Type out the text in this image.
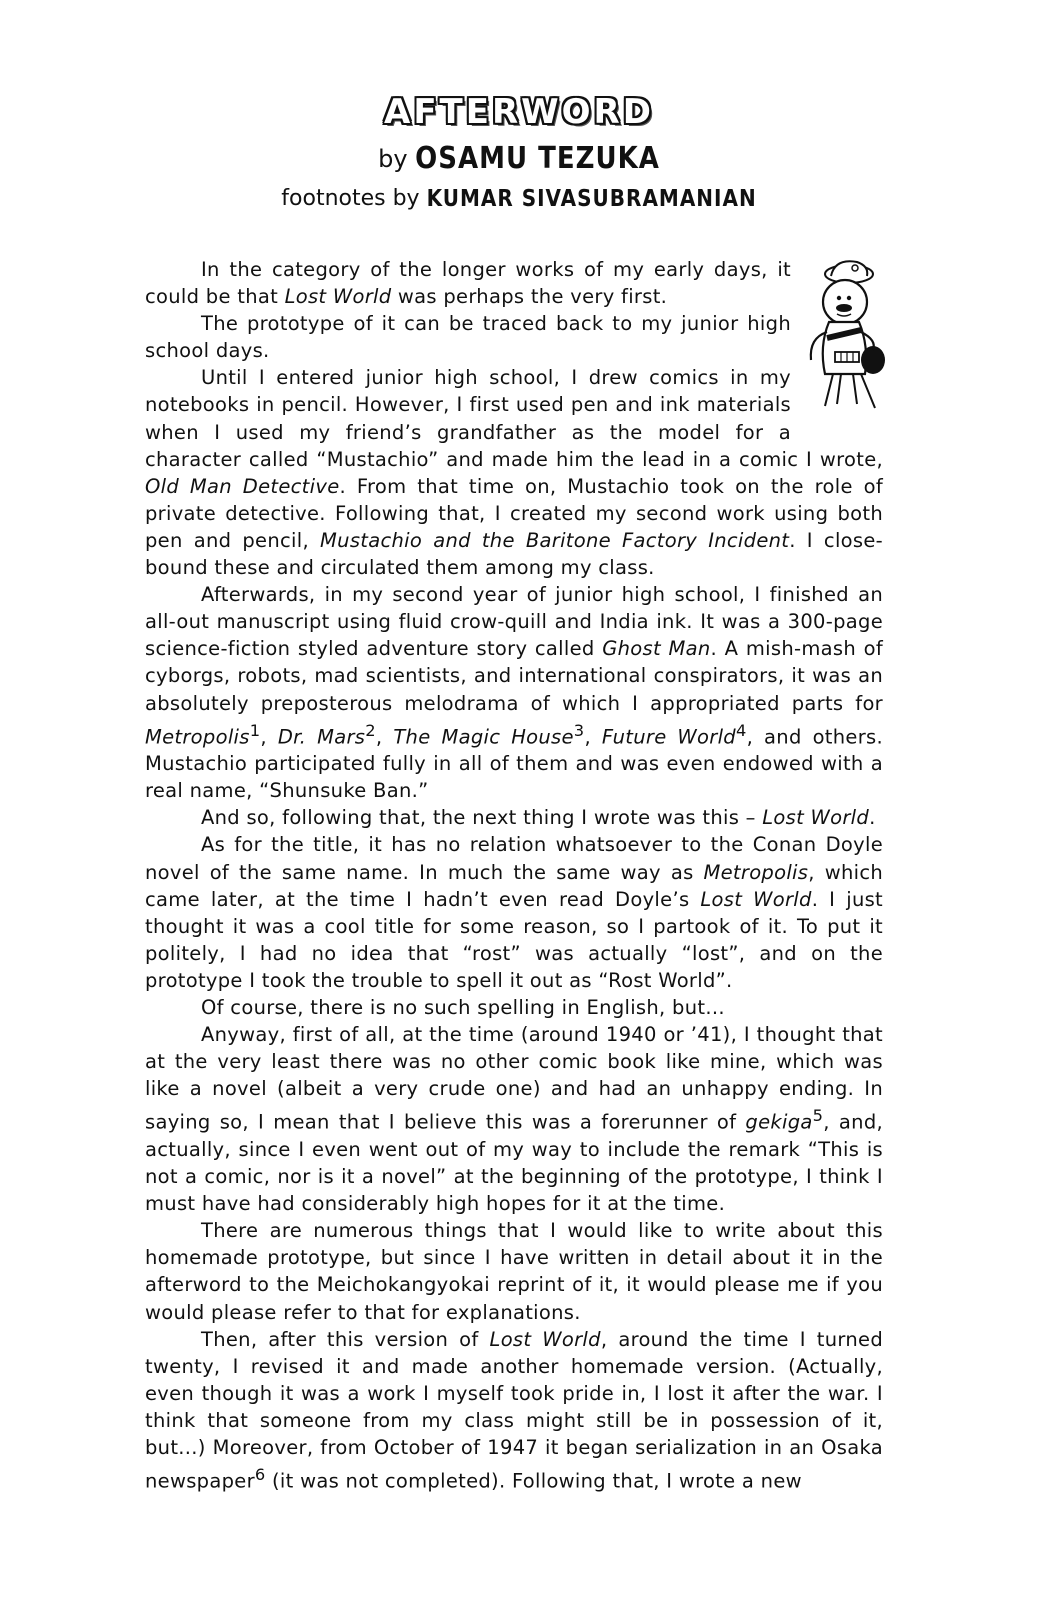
AFTERWORD
by OSAMU TEZUKA
footnotes by KUMAR SIVASUBRAMANIAN

In the category of the longer works of my early days, it could be that Lost World was perhaps the very first.

The prototype of it can be traced back to my junior high school days.

Until I entered junior high school, I drew comics in my notebooks in pencil. However, I first used pen and ink materials when I used my friend’s grandfather as the model for a character called “Mustachio” and made him the lead in a comic I wrote, Old Man Detective. From that time on, Mustachio took on the role of private detective. Following that, I created my second work using both pen and pencil, Mustachio and the Baritone Factory Incident. I close-bound these and circulated them among my class.

Afterwards, in my second year of junior high school, I finished an all-out manuscript using fluid crow-quill and India ink. It was a 300-page science-fiction styled adventure story called Ghost Man. A mish-mash of cyborgs, robots, mad scientists, and international conspirators, it was an absolutely preposterous melodrama of which I appropriated parts for Metropolis$^1$, Dr. Mars$^2$, The Magic House$^3$, Future World$^4$, and others. Mustachio participated fully in all of them and was even endowed with a real name, “Shunsuke Ban.”

And so, following that, the next thing I wrote was this – Lost World.

As for the title, it has no relation whatsoever to the Conan Doyle novel of the same name. In much the same way as Metropolis, which came later, at the time I hadn’t even read Doyle’s Lost World. I just thought it was a cool title for some reason, so I partook of it. To put it politely, I had no idea that “rost” was actually “lost”, and on the prototype I took the trouble to spell it out as “Rost World”.

Of course, there is no such spelling in English, but...

Anyway, first of all, at the time (around 1940 or ’41), I thought that at the very least there was no other comic book like mine, which was like a novel (albeit a very crude one) and had an unhappy ending. In saying so, I mean that I believe this was a forerunner of gekiga$^5$, and, actually, since I even went out of my way to include the remark “This is not a comic, nor is it a novel” at the beginning of the prototype, I think I must have had considerably high hopes for it at the time.

There are numerous things that I would like to write about this homemade prototype, but since I have written in detail about it in the afterword to the Meichokangyokai reprint of it, it would please me if you would please refer to that for explanations.

Then, after this version of Lost World, around the time I turned twenty, I revised it and made another homemade version. (Actually, even though it was a work I myself took pride in, I lost it after the war. I think that someone from my class might still be in possession of it, but...) Moreover, from October of 1947 it began serialization in an Osaka newspaper$^6$ (it was not completed). Following that, I wrote a new
